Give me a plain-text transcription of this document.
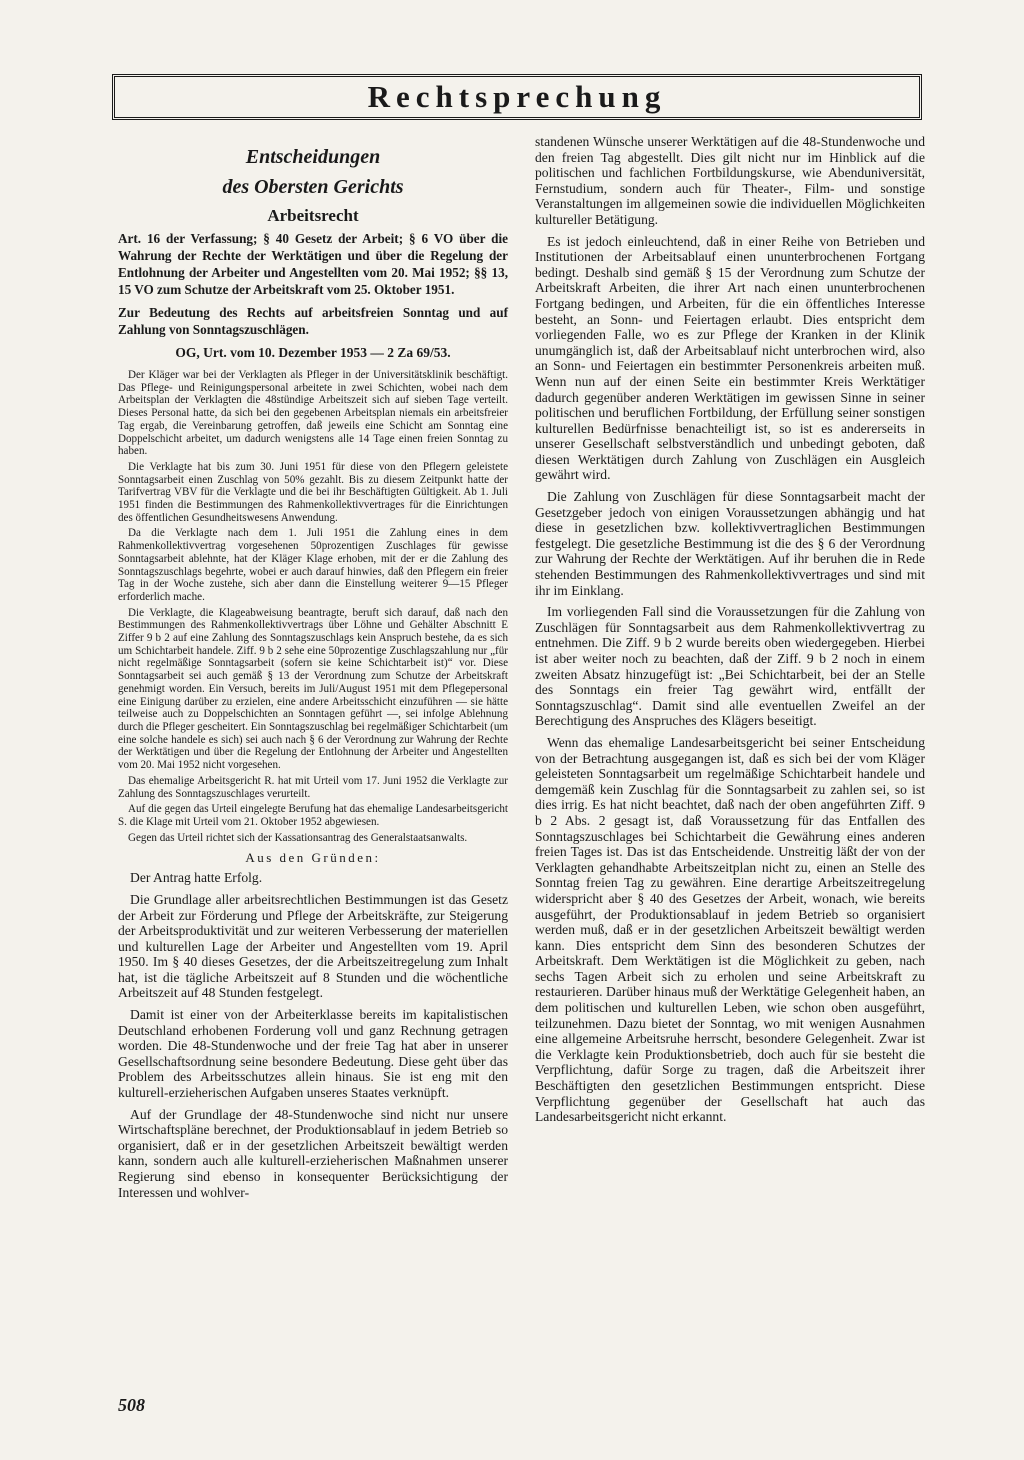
Rechtsprechung
Entscheidungen
des Obersten Gerichts
Arbeitsrecht

Art. 16 der Verfassung; § 40 Gesetz der Arbeit; § 6 VO über die Wahrung der Rechte der Werktätigen und über die Regelung der Entlohnung der Arbeiter und Angestellten vom 20. Mai 1952; §§ 13, 15 VO zum Schutze der Arbeitskraft vom 25. Oktober 1951.

Zur Bedeutung des Rechts auf arbeitsfreien Sonntag und auf Zahlung von Sonntagszuschlägen.

OG, Urt. vom 10. Dezember 1953 — 2 Za 69/53.

Der Kläger war bei der Verklagten als Pfleger in der Universitätsklinik beschäftigt. Das Pflege- und Reinigungspersonal arbeitete in zwei Schichten, wobei nach dem Arbeitsplan der Verklagten die 48stündige Arbeitszeit sich auf sieben Tage verteilt. Dieses Personal hatte, da sich bei den gegebenen Arbeitsplan niemals ein arbeitsfreier Tag ergab, die Vereinbarung getroffen, daß jeweils eine Schicht am Sonntag eine Doppelschicht arbeitet, um dadurch wenigstens alle 14 Tage einen freien Sonntag zu haben.

Die Verklagte hat bis zum 30. Juni 1951 für diese von den Pflegern geleistete Sonntagsarbeit einen Zuschlag von 50% gezahlt. Bis zu diesem Zeitpunkt hatte der Tarifvertrag VBV für die Verklagte und die bei ihr Beschäftigten Gültigkeit. Ab 1. Juli 1951 finden die Bestimmungen des Rahmenkollektivvertrages für die Einrichtungen des öffentlichen Gesundheitswesens Anwendung.

Da die Verklagte nach dem 1. Juli 1951 die Zahlung eines in dem Rahmenkollektivvertrag vorgesehenen 50prozentigen Zuschlages für gewisse Sonntagsarbeit ablehnte, hat der Kläger Klage erhoben, mit der er die Zahlung des Sonntagszuschlags begehrte, wobei er auch darauf hinwies, daß den Pflegern ein freier Tag in der Woche zustehe, sich aber dann die Einstellung weiterer 9—15 Pfleger erforderlich mache.

Die Verklagte, die Klageabweisung beantragte, beruft sich darauf, daß nach den Bestimmungen des Rahmenkollektivvertrags über Löhne und Gehälter Abschnitt E Ziffer 9 b 2 auf eine Zahlung des Sonntagszuschlags kein Anspruch bestehe, da es sich um Schichtarbeit handele. Ziff. 9 b 2 sehe eine 50prozentige Zuschlagszahlung nur „für nicht regelmäßige Sonntagsarbeit (sofern sie keine Schichtarbeit ist)“ vor. Diese Sonntagsarbeit sei auch gemäß § 13 der Verordnung zum Schutze der Arbeitskraft genehmigt worden. Ein Versuch, bereits im Juli/August 1951 mit dem Pflegepersonal eine Einigung darüber zu erzielen, eine andere Arbeitsschicht einzuführen — sie hätte teilweise auch zu Doppelschichten an Sonntagen geführt —, sei infolge Ablehnung durch die Pfleger gescheitert. Ein Sonntagszuschlag bei regelmäßiger Schichtarbeit (um eine solche handele es sich) sei auch nach § 6 der Verordnung zur Wahrung der Rechte der Werktätigen und über die Regelung der Entlohnung der Arbeiter und Angestellten vom 20. Mai 1952 nicht vorgesehen.

Das ehemalige Arbeitsgericht R. hat mit Urteil vom 17. Juni 1952 die Verklagte zur Zahlung des Sonntagszuschlages verurteilt.

Auf die gegen das Urteil eingelegte Berufung hat das ehemalige Landesarbeitsgericht S. die Klage mit Urteil vom 21. Oktober 1952 abgewiesen.

Gegen das Urteil richtet sich der Kassationsantrag des Generalstaatsanwalts.

Aus den Gründen:

Der Antrag hatte Erfolg.

Die Grundlage aller arbeitsrechtlichen Bestimmungen ist das Gesetz der Arbeit zur Förderung und Pflege der Arbeitskräfte, zur Steigerung der Arbeitsproduktivität und zur weiteren Verbesserung der materiellen und kulturellen Lage der Arbeiter und Angestellten vom 19. April 1950. Im § 40 dieses Gesetzes, der die Arbeitszeitregelung zum Inhalt hat, ist die tägliche Arbeitszeit auf 8 Stunden und die wöchentliche Arbeitszeit auf 48 Stunden festgelegt.

Damit ist einer von der Arbeiterklasse bereits im kapitalistischen Deutschland erhobenen Forderung voll und ganz Rechnung getragen worden. Die 48-Stundenwoche und der freie Tag hat aber in unserer Gesellschaftsordnung seine besondere Bedeutung. Diese geht über das Problem des Arbeitsschutzes allein hinaus. Sie ist eng mit den kulturell-erzieherischen Aufgaben unseres Staates verknüpft.

Auf der Grundlage der 48-Stundenwoche sind nicht nur unsere Wirtschaftspläne berechnet, der Produktionsablauf in jedem Betrieb so organisiert, daß er in der gesetzlichen Arbeitszeit bewältigt werden kann, sondern auch alle kulturell-erzieherischen Maßnahmen unserer Regierung sind ebenso in konsequenter Berücksichtigung der Interessen und wohlver-

standenen Wünsche unserer Werktätigen auf die 48-Stundenwoche und den freien Tag abgestellt. Dies gilt nicht nur im Hinblick auf die politischen und fachlichen Fortbildungskurse, wie Abenduniversität, Fernstudium, sondern auch für Theater-, Film- und sonstige Veranstaltungen im allgemeinen sowie die individuellen Möglichkeiten kultureller Betätigung.

Es ist jedoch einleuchtend, daß in einer Reihe von Betrieben und Institutionen der Arbeitsablauf einen ununterbrochenen Fortgang bedingt. Deshalb sind gemäß § 15 der Verordnung zum Schutze der Arbeitskraft Arbeiten, die ihrer Art nach einen ununterbrochenen Fortgang bedingen, und Arbeiten, für die ein öffentliches Interesse besteht, an Sonn- und Feiertagen erlaubt. Dies entspricht dem vorliegenden Falle, wo es zur Pflege der Kranken in der Klinik unumgänglich ist, daß der Arbeitsablauf nicht unterbrochen wird, also an Sonn- und Feiertagen ein bestimmter Personenkreis arbeiten muß. Wenn nun auf der einen Seite ein bestimmter Kreis Werktätiger dadurch gegenüber anderen Werktätigen im gewissen Sinne in seiner politischen und beruflichen Fortbildung, der Erfüllung seiner sonstigen kulturellen Bedürfnisse benachteiligt ist, so ist es andererseits in unserer Gesellschaft selbstverständlich und unbedingt geboten, daß diesen Werktätigen durch Zahlung von Zuschlägen ein Ausgleich gewährt wird.

Die Zahlung von Zuschlägen für diese Sonntagsarbeit macht der Gesetzgeber jedoch von einigen Voraussetzungen abhängig und hat diese in gesetzlichen bzw. kollektivvertraglichen Bestimmungen festgelegt. Die gesetzliche Bestimmung ist die des § 6 der Verordnung zur Wahrung der Rechte der Werktätigen. Auf ihr beruhen die in Rede stehenden Bestimmungen des Rahmenkollektivvertrages und sind mit ihr im Einklang.

Im vorliegenden Fall sind die Voraussetzungen für die Zahlung von Zuschlägen für Sonntagsarbeit aus dem Rahmenkollektivvertrag zu entnehmen. Die Ziff. 9 b 2 wurde bereits oben wiedergegeben. Hierbei ist aber weiter noch zu beachten, daß der Ziff. 9 b 2 noch in einem zweiten Absatz hinzugefügt ist: „Bei Schichtarbeit, bei der an Stelle des Sonntags ein freier Tag gewährt wird, entfällt der Sonntagszuschlag“. Damit sind alle eventuellen Zweifel an der Berechtigung des Anspruches des Klägers beseitigt.

Wenn das ehemalige Landesarbeitsgericht bei seiner Entscheidung von der Betrachtung ausgegangen ist, daß es sich bei der vom Kläger geleisteten Sonntagsarbeit um regelmäßige Schichtarbeit handele und demgemäß kein Zuschlag für die Sonntagsarbeit zu zahlen sei, so ist dies irrig. Es hat nicht beachtet, daß nach der oben angeführten Ziff. 9 b 2 Abs. 2 gesagt ist, daß Voraussetzung für das Entfallen des Sonntagszuschlages bei Schichtarbeit die Gewährung eines anderen freien Tages ist. Das ist das Entscheidende. Unstreitig läßt der von der Verklagten gehandhabte Arbeitszeitplan nicht zu, einen an Stelle des Sonntag freien Tag zu gewähren. Eine derartige Arbeitszeitregelung widerspricht aber § 40 des Gesetzes der Arbeit, wonach, wie bereits ausgeführt, der Produktionsablauf in jedem Betrieb so organisiert werden muß, daß er in der gesetzlichen Arbeitszeit bewältigt werden kann. Dies entspricht dem Sinn des besonderen Schutzes der Arbeitskraft. Dem Werktätigen ist die Möglichkeit zu geben, nach sechs Tagen Arbeit sich zu erholen und seine Arbeitskraft zu restaurieren. Darüber hinaus muß der Werktätige Gelegenheit haben, an dem politischen und kulturellen Leben, wie schon oben ausgeführt, teilzunehmen. Dazu bietet der Sonntag, wo mit wenigen Ausnahmen eine allgemeine Arbeitsruhe herrscht, besondere Gelegenheit. Zwar ist die Verklagte kein Produktionsbetrieb, doch auch für sie besteht die Verpflichtung, dafür Sorge zu tragen, daß die Arbeitszeit ihrer Beschäftigten den gesetzlichen Bestimmungen entspricht. Diese Verpflichtung gegenüber der Gesellschaft hat auch das Landesarbeitsgericht nicht erkannt.

508
